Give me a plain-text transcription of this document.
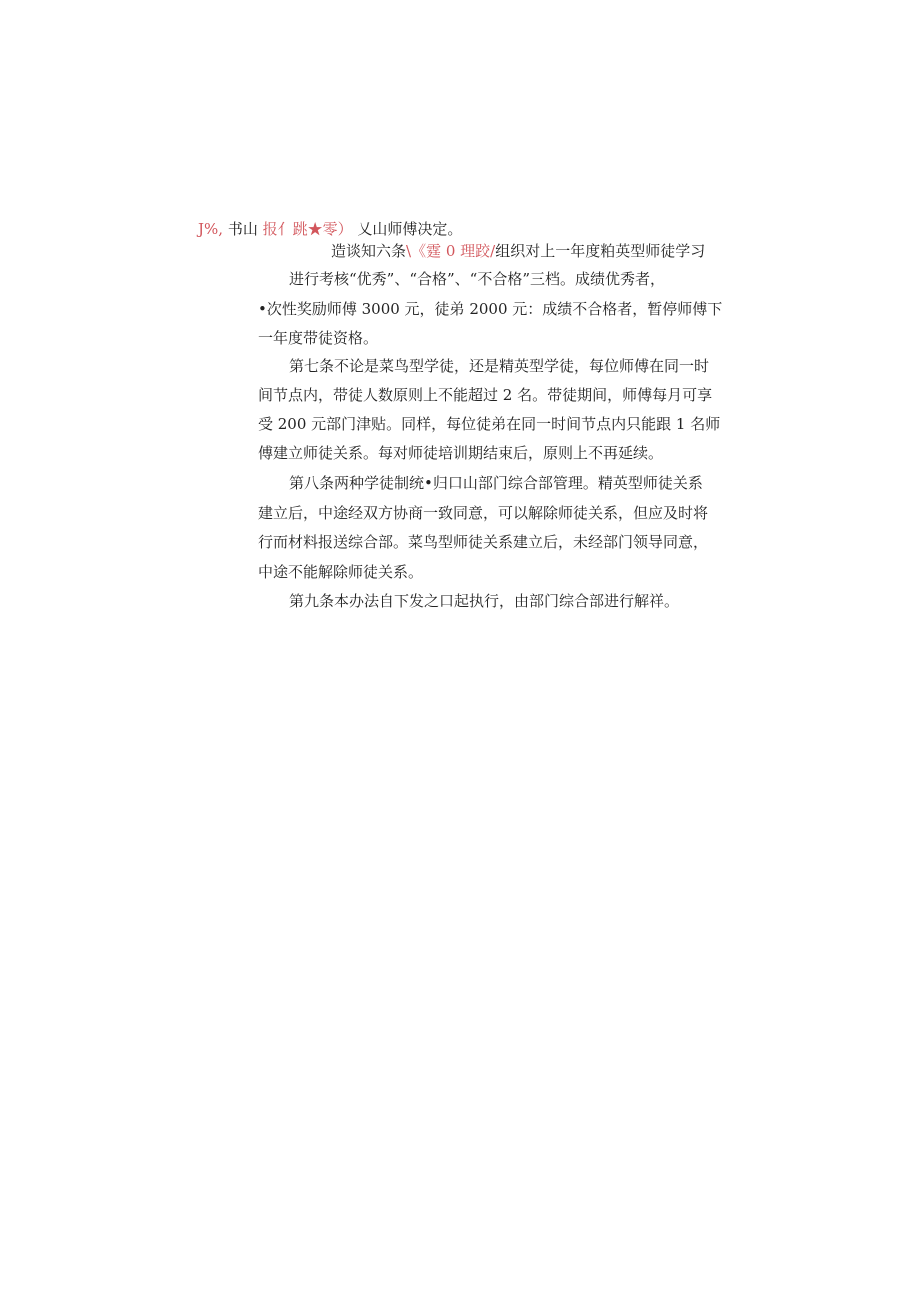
J%, 书山 报亻跳★零） 乂山师傅决定。
造谈知六条\《霆 0 理跤/组织对上一年度粕英型师徒学习
进行考核“优秀”、“合格”、“不合格”三档。成绩优秀者，
•次性奖励师傅 3000 元，徒弟 2000 元：成绩不合格者，暂停师傅下
一年度带徒资格。
第七条不论是菜鸟型学徒，还是精英型学徒，每位师傅在同一时
间节点内，带徒人数原则上不能超过 2 名。带徒期间，师傅每月可享
受 200 元部门津贴。同样，每位徒弟在同一时间节点内只能跟 1 名师
傅建立师徒关系。每对师徒培训期结束后，原则上不再延续。
第八条两种学徒制统•归口山部门综合部管理。精英型师徒关系
建立后，中途经双方协商一致同意，可以解除师徒关系，但应及时将
行而材料报送综合部。菜鸟型师徒关系建立后，未经部门领导同意，
中途不能解除师徒关系。
第九条本办法自下发之口起执行，由部门综合部进行解祥。
